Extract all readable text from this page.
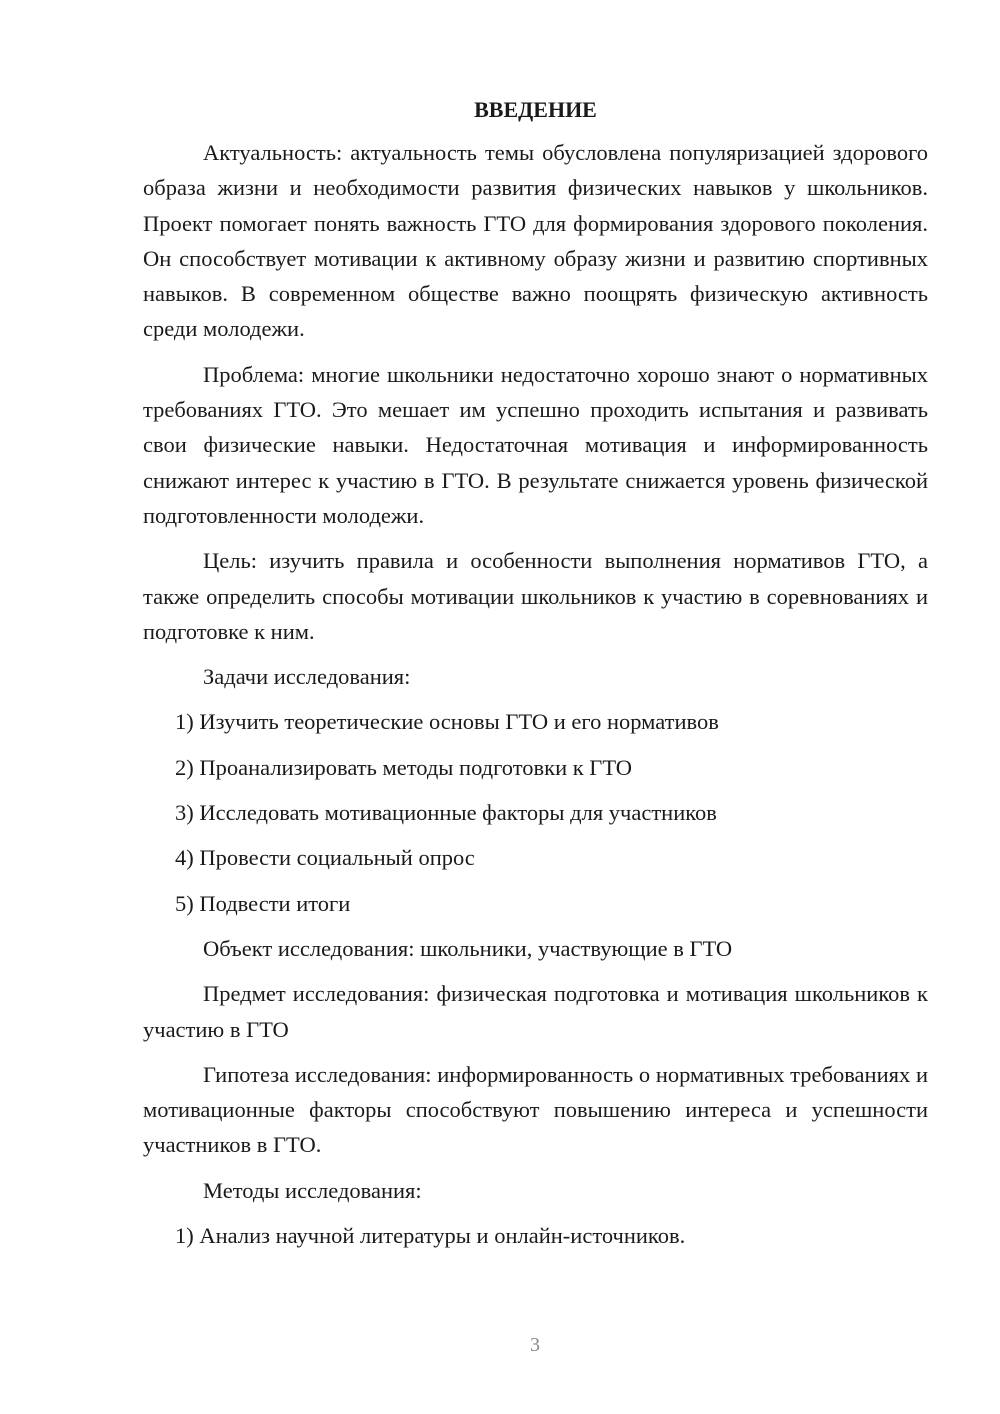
ВВЕДЕНИЕ

Актуальность: актуальность темы обусловлена популяризацией здорового образа жизни и необходимости развития физических навыков у школьников. Проект помогает понять важность ГТО для формирования здорового поколения. Он способствует мотивации к активному образу жизни и развитию спортивных навыков. В современном обществе важно поощрять физическую активность среди молодежи.

Проблема: многие школьники недостаточно хорошо знают о нормативных требованиях ГТО. Это мешает им успешно проходить испытания и развивать свои физические навыки. Недостаточная мотивация и информированность снижают интерес к участию в ГТО. В результате снижается уровень физической подготовленности молодежи.

Цель: изучить правила и особенности выполнения нормативов ГТО, а также определить способы мотивации школьников к участию в соревнованиях и подготовке к ним.

Задачи исследования:
1) Изучить теоретические основы ГТО и его нормативов
2) Проанализировать методы подготовки к ГТО
3) Исследовать мотивационные факторы для участников
4) Провести социальный опрос
5) Подвести итоги
Объект исследования: школьники, участвующие в ГТО

Предмет исследования: физическая подготовка и мотивация школьников к участию в ГТО

Гипотеза исследования: информированность о нормативных требованиях и мотивационные факторы способствуют повышению интереса и успешности участников в ГТО.

Методы исследования:
1) Анализ научной литературы и онлайн-источников.
3
